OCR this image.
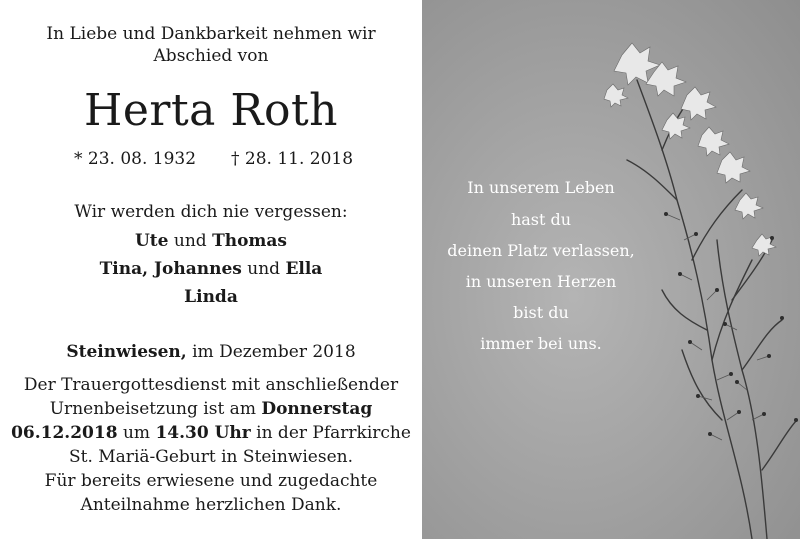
In Liebe und Dankbarkeit nehmen wir
Abschied von
Herta Roth
* 23. 08. 1932 † 28. 11. 2018
Wir werden dich nie vergessen:
Ute und Thomas
Tina, Johannes und Ella
Linda
Steinwiesen, im Dezember 2018
Der Trauergottesdienst mit anschließender
Urnenbeisetzung ist am Donnerstag
06.12.2018 um 14.30 Uhr in der Pfarrkirche
St. Mariä-Geburt in Steinwiesen.
Für bereits erwiesene und zugedachte
Anteilnahme herzlichen Dank.
In unserem Leben
hast du
deinen Platz verlassen,
in unseren Herzen
bist du
immer bei uns.
